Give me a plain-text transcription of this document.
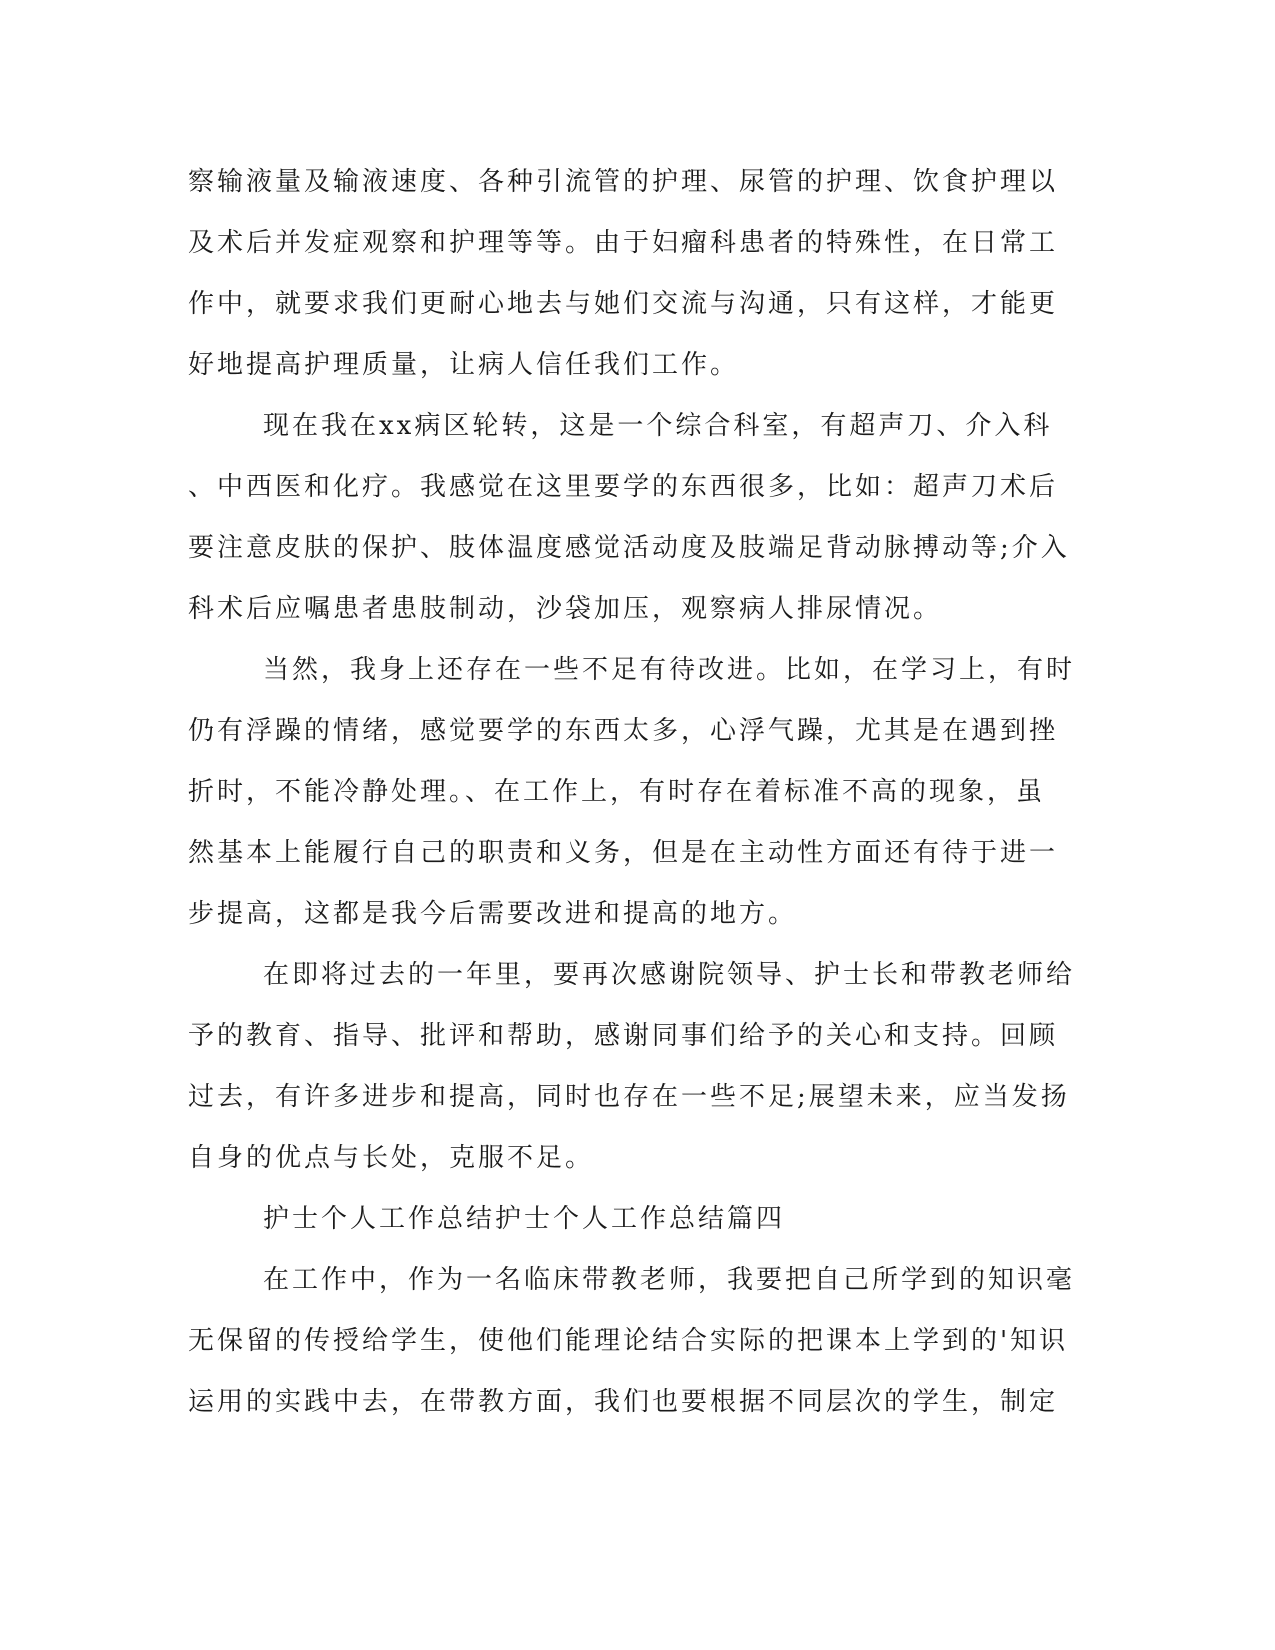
察输液量及输液速度、各种引流管的护理、尿管的护理、饮食护理以
及术后并发症观察和护理等等。由于妇瘤科患者的特殊性，在日常工
作中，就要求我们更耐心地去与她们交流与沟通，只有这样，才能更
好地提高护理质量，让病人信任我们工作。
现在我在xx病区轮转，这是一个综合科室，有超声刀、介入科
、中西医和化疗。我感觉在这里要学的东西很多，比如：超声刀术后
要注意皮肤的保护、肢体温度感觉活动度及肢端足背动脉搏动等;介入
科术后应嘱患者患肢制动，沙袋加压，观察病人排尿情况。
当然，我身上还存在一些不足有待改进。比如，在学习上，有时
仍有浮躁的情绪，感觉要学的东西太多，心浮气躁，尤其是在遇到挫
折时，不能冷静处理。、在工作上，有时存在着标准不高的现象，虽
然基本上能履行自己的职责和义务，但是在主动性方面还有待于进一
步提高，这都是我今后需要改进和提高的地方。
在即将过去的一年里，要再次感谢院领导、护士长和带教老师给
予的教育、指导、批评和帮助，感谢同事们给予的关心和支持。回顾
过去，有许多进步和提高，同时也存在一些不足;展望未来，应当发扬
自身的优点与长处，克服不足。
护士个人工作总结护士个人工作总结篇四
在工作中，作为一名临床带教老师，我要把自己所学到的知识毫
无保留的传授给学生，使他们能理论结合实际的把课本上学到的'知识
运用的实践中去，在带教方面，我们也要根据不同层次的学生，制定
